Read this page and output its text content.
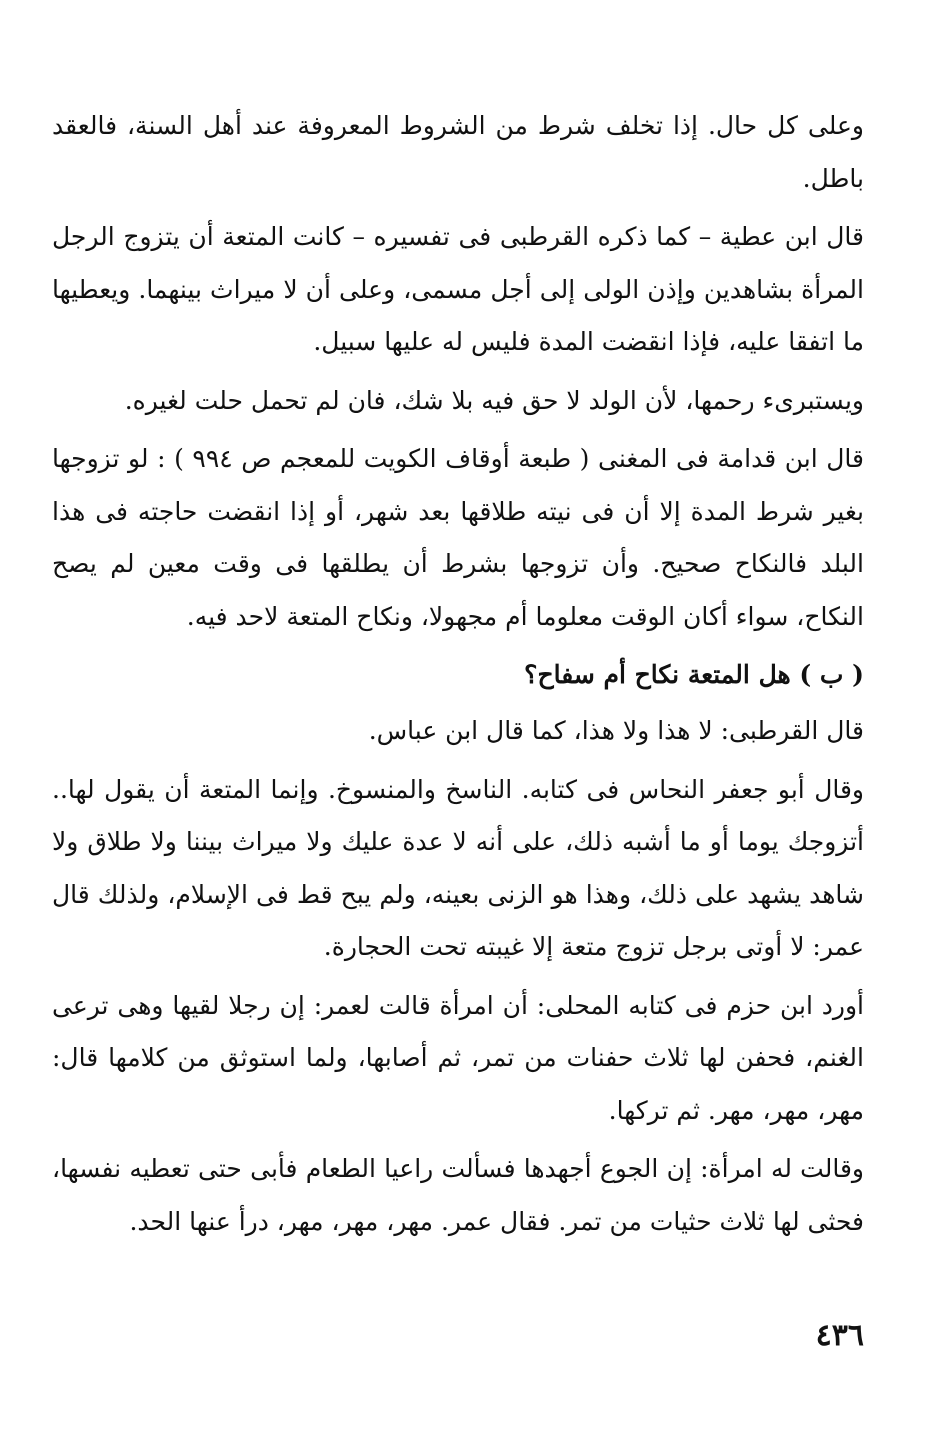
وعلى كل حال. إذا تخلف شرط من الشروط المعروفة عند أهل السنة، فالعقد باطل.

قال ابن عطية – كما ذكره القرطبى فى تفسيره – كانت المتعة أن يتزوج الرجل المرأة بشاهدين وإذن الولى إلى أجل مسمى، وعلى أن لا ميراث بينهما. ويعطيها ما اتفقا عليه، فإذا انقضت المدة فليس له عليها سبيل.

ويستبرىء رحمها، لأن الولد لا حق فيه بلا شك، فان لم تحمل حلت لغيره.

قال ابن قدامة فى المغنى ( طبعة أوقاف الكويت للمعجم ص ٩٩٤ ) : لو تزوجها بغير شرط المدة إلا أن فى نيته طلاقها بعد شهر، أو إذا انقضت حاجته فى هذا البلد فالنكاح صحيح. وأن تزوجها بشرط أن يطلقها فى وقت معين لم يصح النكاح، سواء أكان الوقت معلوما أم مجهولا، ونكاح المتعة لاحد فيه.

( ب ) هل المتعة نكاح أم سفاح؟

قال القرطبى: لا هذا ولا هذا، كما قال ابن عباس.

وقال أبو جعفر النحاس فى كتابه. الناسخ والمنسوخ. وإنما المتعة أن يقول لها.. أتزوجك يوما أو ما أشبه ذلك، على أنه لا عدة عليك ولا ميراث بيننا ولا طلاق ولا شاهد يشهد على ذلك، وهذا هو الزنى بعينه، ولم يبح قط فى الإسلام، ولذلك قال عمر: لا أوتى برجل تزوج متعة إلا غيبته تحت الحجارة.

أورد ابن حزم فى كتابه المحلى: أن امرأة قالت لعمر: إن رجلا لقيها وهى ترعى الغنم، فحفن لها ثلاث حفنات من تمر، ثم أصابها، ولما استوثق من كلامها قال: مهر، مهر، مهر. ثم تركها.

وقالت له امرأة: إن الجوع أجهدها فسألت راعيا الطعام فأبى حتى تعطيه نفسها، فحثى لها ثلاث حثيات من تمر. فقال عمر. مهر، مهر، مهر، درأ عنها الحد.

٤٣٦
